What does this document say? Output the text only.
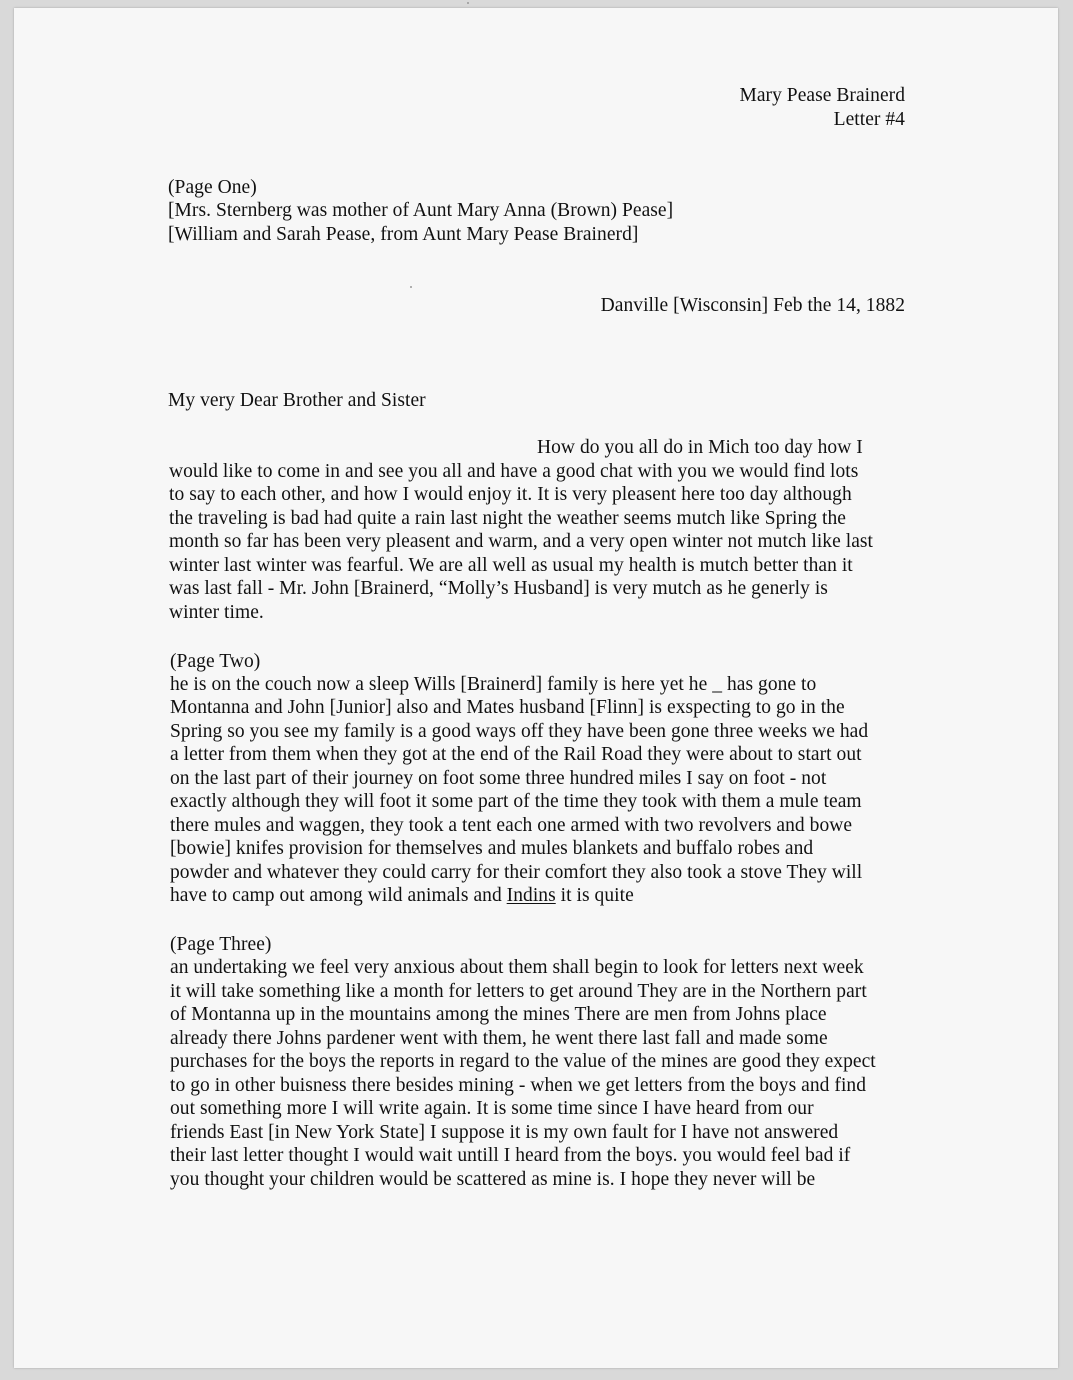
Mary Pease Brainerd
Letter #4
(Page One)
[Mrs. Sternberg was mother of Aunt Mary Anna (Brown) Pease]
[William and Sarah Pease, from Aunt Mary Pease Brainerd]
Danville [Wisconsin] Feb the 14, 1882
My very Dear Brother and Sister
How do you all do in Mich too day how I
would like to come in and see you all and have a good chat with you we would find lots
to say to each other, and how I would enjoy it. It is very pleasent here too day although
the traveling is bad had quite a rain last night the weather seems mutch like Spring the
month so far has been very pleasent and warm, and a very open winter not mutch like last
winter last winter was fearful. We are all well as usual my health is mutch better than it
was last fall - Mr. John [Brainerd, “Molly’s Husband] is very mutch as he generly is
winter time.
(Page Two)
he is on the couch now a sleep Wills [Brainerd] family is here yet he _ has gone to
Montanna and John [Junior] also and Mates husband [Flinn] is exspecting to go in the
Spring so you see my family is a good ways off they have been gone three weeks we had
a letter from them when they got at the end of the Rail Road they were about to start out
on the last part of their journey on foot some three hundred miles I say on foot - not
exactly although they will foot it some part of the time they took with them a mule team
there mules and waggen, they took a tent each one armed with two revolvers and bowe
[bowie] knifes provision for themselves and mules blankets and buffalo robes and
powder and whatever they could carry for their comfort they also took a stove They will
have to camp out among wild animals and Indins it is quite
(Page Three)
an undertaking we feel very anxious about them shall begin to look for letters next week
it will take something like a month for letters to get around They are in the Northern part
of Montanna up in the mountains among the mines There are men from Johns place
already there Johns pardener went with them, he went there last fall and made some
purchases for the boys the reports in regard to the value of the mines are good they expect
to go in other buisness there besides mining - when we get letters from the boys and find
out something more I will write again. It is some time since I have heard from our
friends East [in New York State] I suppose it is my own fault for I have not answered
their last letter thought I would wait untill I heard from the boys. you would feel bad if
you thought your children would be scattered as mine is. I hope they never will be
